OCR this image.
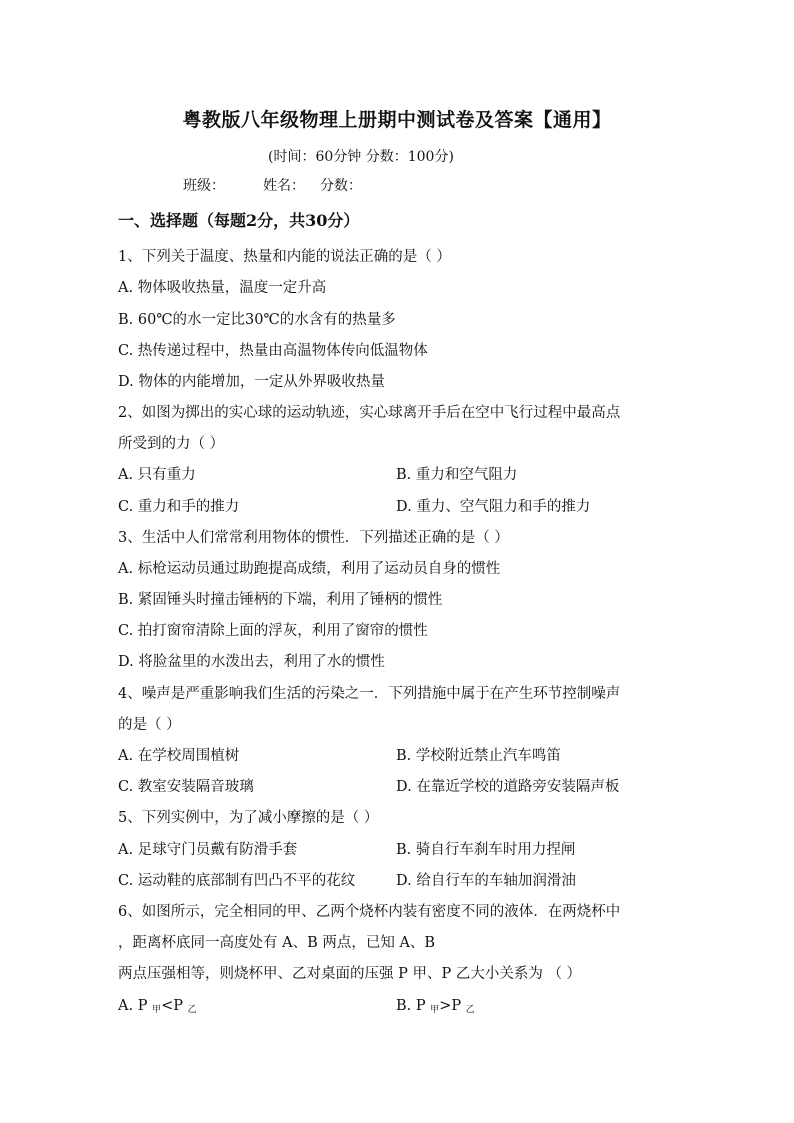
粤教版八年级物理上册期中测试卷及答案【通用】
(时间：60分钟 分数：100分)
班级：	姓名： 分数：
一、选择题（每题2分，共30分）
1、下列关于温度、热量和内能的说法正确的是（ ）
A. 物体吸收热量，温度一定升高
B. 60℃的水一定比30℃的水含有的热量多
C. 热传递过程中，热量由高温物体传向低温物体
D. 物体的内能增加，一定从外界吸收热量
2、如图为掷出的实心球的运动轨迹，实心球离开手后在空中飞行过程中最高点
所受到的力（ ）
A. 只有重力	B. 重力和空气阻力
C. 重力和手的推力	D. 重力、空气阻力和手的推力
3、生活中人们常常利用物体的惯性．下列描述正确的是（ ）
A. 标枪运动员通过助跑提高成绩，利用了运动员自身的惯性
B. 紧固锤头时撞击锤柄的下端，利用了锤柄的惯性
C. 拍打窗帘清除上面的浮灰，利用了窗帘的惯性
D. 将脸盆里的水泼出去，利用了水的惯性
4、噪声是严重影响我们生活的污染之一．下列措施中属于在产生环节控制噪声
的是（ ）
A. 在学校周围植树	B. 学校附近禁止汽车鸣笛
C. 教室安装隔音玻璃	D. 在靠近学校的道路旁安装隔声板
5、下列实例中，为了减小摩擦的是（ ）
A. 足球守门员戴有防滑手套	B. 骑自行车刹车时用力捏闸
C. 运动鞋的底部制有凹凸不平的花纹	D. 给自行车的车轴加润滑油
6、如图所示，完全相同的甲、乙两个烧杯内装有密度不同的液体．在两烧杯中
，距离杯底同一高度处有 A、B 两点，已知 A、B
两点压强相等，则烧杯甲、乙对桌面的压强 P 甲、P 乙大小关系为 （ ）
A. P $_甲$<P $_乙$	B. P $_甲$>P $_乙$
